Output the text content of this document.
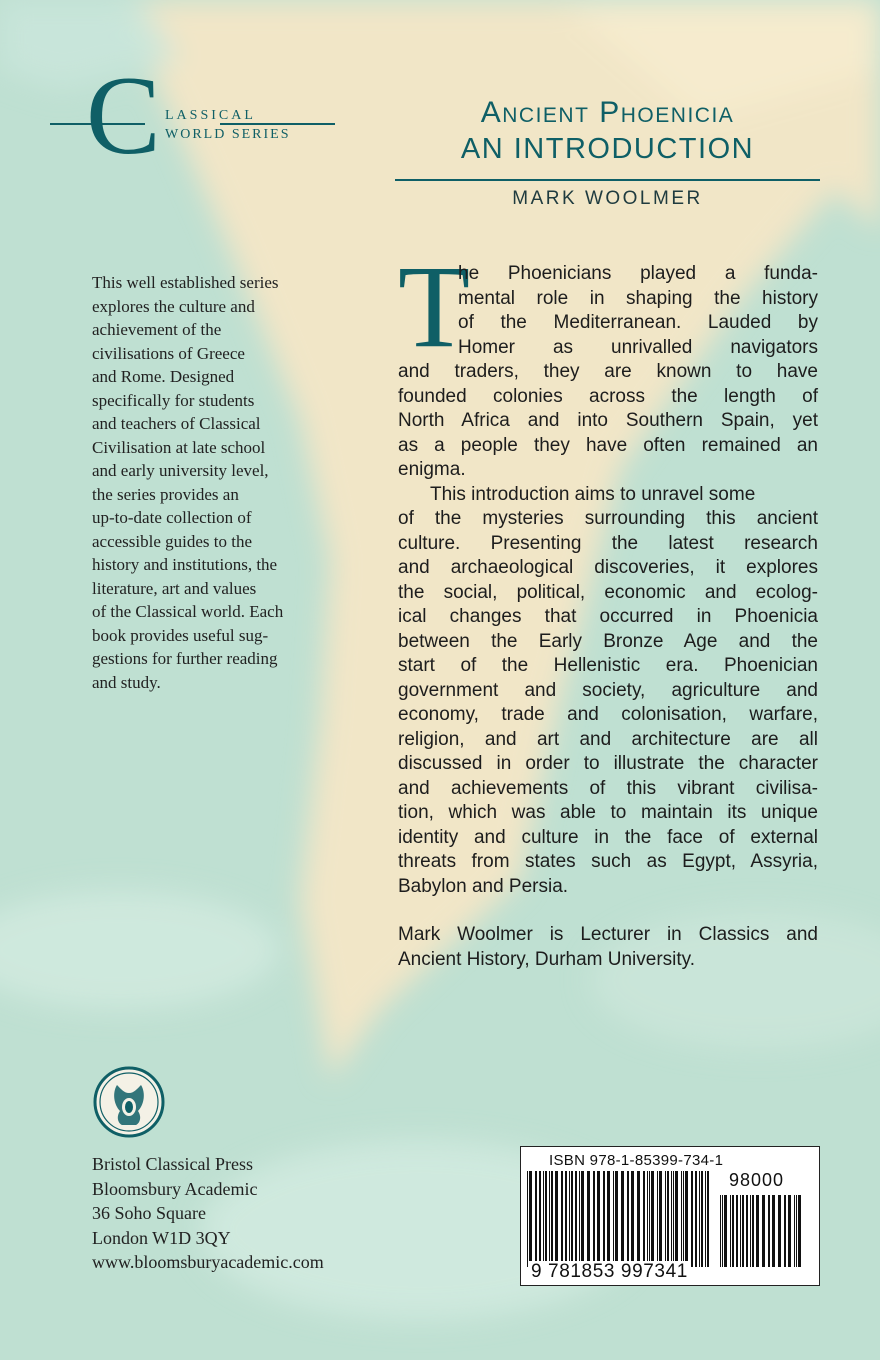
C LASSICAL
WORLD SERIES
Ancient Phoenicia
AN INTRODUCTION
MARK WOOLMER
This well established series
explores the culture and
achievement of the
civilisations of Greece
and Rome. Designed
specifically for students
and teachers of Classical
Civilisation at late school
and early university level,
the series provides an
up-to-date collection of
accessible guides to the
history and institutions, the
literature, art and values
of the Classical world. Each
book provides useful sug-
gestions for further reading
and study.
T
he Phoenicians played a funda-
mental role in shaping the history
of the Mediterranean. Lauded by
Homer as unrivalled navigators
and traders, they are known to have
founded colonies across the length of
North Africa and into Southern Spain, yet
as a people they have often remained an
enigma.
This introduction aims to unravel some
of the mysteries surrounding this ancient
culture. Presenting the latest research
and archaeological discoveries, it explores
the social, political, economic and ecolog-
ical changes that occurred in Phoenicia
between the Early Bronze Age and the
start of the Hellenistic era. Phoenician
government and society, agriculture and
economy, trade and colonisation, warfare,
religion, and art and architecture are all
discussed in order to illustrate the character
and achievements of this vibrant civilisa-
tion, which was able to maintain its unique
identity and culture in the face of external
threats from states such as Egypt, Assyria,
Babylon and Persia.
Mark Woolmer is Lecturer in Classics and
Ancient History, Durham University.
Bristol Classical Press
Bloomsbury Academic
36 Soho Square
London W1D 3QY
www.bloomsburyacademic.com
ISBN 978-1-85399-734-1
98000
9 781853 997341
